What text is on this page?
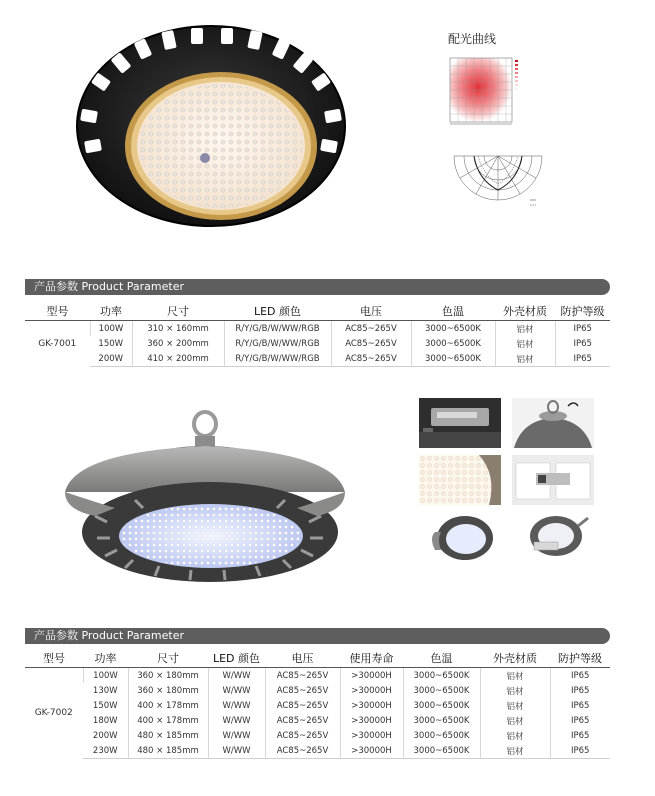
配光曲线
产品参数 Product Parameter
型号	功率	尺寸	LED 颜色	电压	色温	外壳材质	防护等级
GK-7001	100W	310 × 160mm	R/Y/G/B/W/WW/RGB	AC85~265V	3000~6500K	铝材	IP65
	150W	360 × 200mm	R/Y/G/B/W/WW/RGB	AC85~265V	3000~6500K	铝材	IP65
	200W	410 × 200mm	R/Y/G/B/W/WW/RGB	AC85~265V	3000~6500K	铝材	IP65
产品参数 Product Parameter
型号	功率	尺寸	LED 颜色	电压	使用寿命	色温	外壳材质	防护等级
GK-7002	100W	360 × 180mm	W/WW	AC85~265V	>30000H	3000~6500K	铝材	IP65
	130W	360 × 180mm	W/WW	AC85~265V	>30000H	3000~6500K	铝材	IP65
	150W	400 × 178mm	W/WW	AC85~265V	>30000H	3000~6500K	铝材	IP65
	180W	400 × 178mm	W/WW	AC85~265V	>30000H	3000~6500K	铝材	IP65
	200W	480 × 185mm	W/WW	AC85~265V	>30000H	3000~6500K	铝材	IP65
	230W	480 × 185mm	W/WW	AC85~265V	>30000H	3000~6500K	铝材	IP65
